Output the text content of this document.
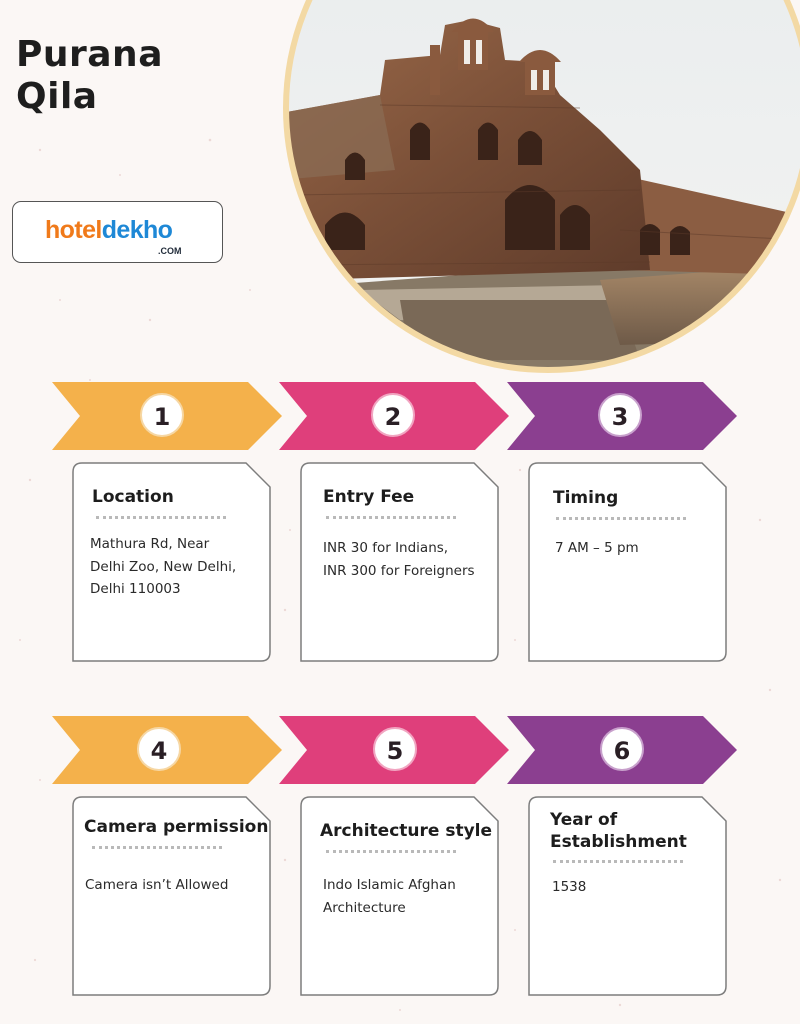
Purana
Qila
hoteldekho
.COM
1	2	3
Location
Mathura Rd, Near
Delhi Zoo, New Delhi,
Delhi 110003
Entry Fee
INR 30 for Indians,
INR 300 for Foreigners
Timing
7 AM – 5 pm
4	5	6
Camera permission
Camera isn’t Allowed
Architecture style
Indo Islamic Afghan
Architecture
Year of
Establishment
1538
